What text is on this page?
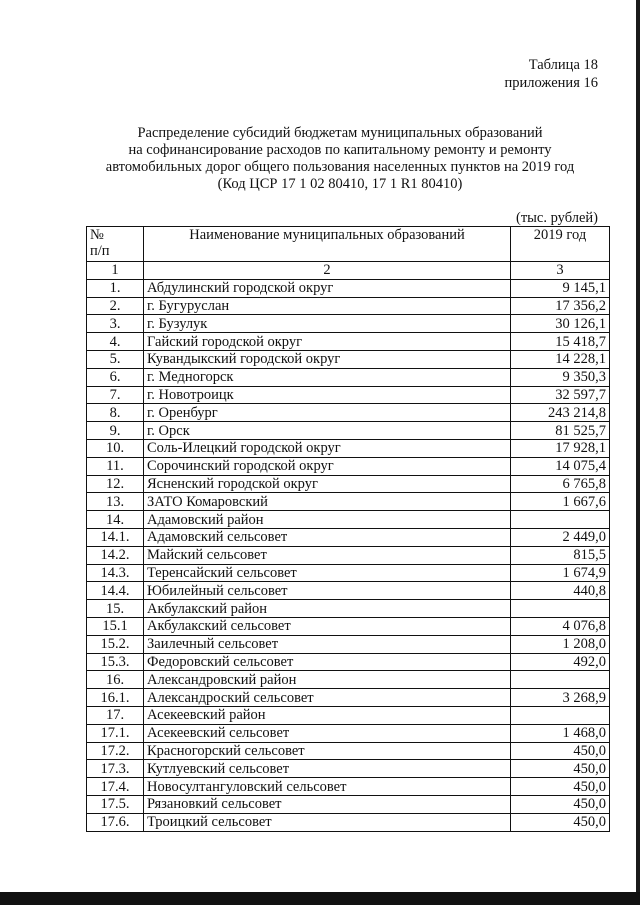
Таблица 18
приложения 16
Распределение субсидий бюджетам муниципальных образований
на софинансирование расходов по капитальному ремонту и ремонту
автомобильных дорог общего пользования населенных пунктов на 2019 год
(Код ЦСР 17 1 02 80410, 17 1 R1 80410)
(тыс. рублей)
№
п/п	Наименование муниципальных образований	2019 год
1	2	3
1.	Абдулинский городской округ	9 145,1
2.	г. Бугуруслан	17 356,2
3.	г. Бузулук	30 126,1
4.	Гайский городской округ	15 418,7
5.	Кувандыкский городской округ	14 228,1
6.	г. Медногорск	9 350,3
7.	г. Новотроицк	32 597,7
8.	г. Оренбург	243 214,8
9.	г. Орск	81 525,7
10.	Соль-Илецкий городской округ	17 928,1
11.	Сорочинский городской округ	14 075,4
12.	Ясненский городской округ	6 765,8
13.	ЗАТО Комаровский	1 667,6
14.	Адамовский район	
14.1.	Адамовский сельсовет	2 449,0
14.2.	Майский сельсовет	815,5
14.3.	Теренсайский сельсовет	1 674,9
14.4.	Юбилейный сельсовет	440,8
15.	Акбулакский район	
15.1	Акбулакский сельсовет	4 076,8
15.2.	Заилечный сельсовет	1 208,0
15.3.	Федоровский сельсовет	492,0
16.	Александровский район	
16.1.	Александроский сельсовет	3 268,9
17.	Асекеевский район	
17.1.	Асекеевский сельсовет	1 468,0
17.2.	Красногорский сельсовет	450,0
17.3.	Кутлуевский сельсовет	450,0
17.4.	Новосултангуловский сельсовет	450,0
17.5.	Рязановкий сельсовет	450,0
17.6.	Троицкий сельсовет	450,0
